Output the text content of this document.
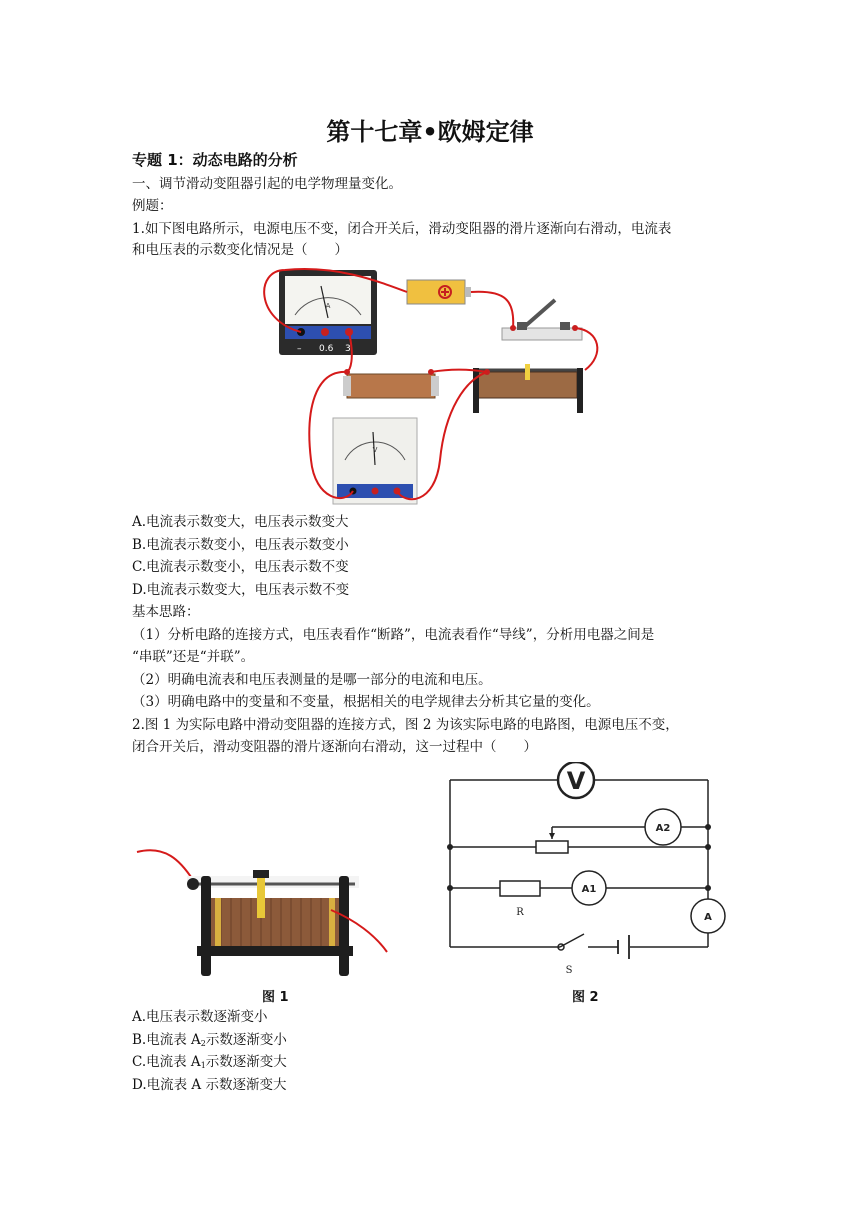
第十七章•欧姆定律
专题 1：动态电路的分析
一、调节滑动变阻器引起的电学物理量变化。
例题：
1.如下图电路所示，电源电压不变，闭合开关后，滑动变阻器的滑片逐渐向右滑动，电流表
和电压表的示数变化情况是（　　）
A
– 0.6 3
V
A.电流表示数变大，电压表示数变大
B.电流表示数变小，电压表示数变小
C.电流表示数变小，电压表示数不变
D.电流表示数变大，电压表示数不变
基本思路：
（1）分析电路的连接方式，电压表看作“断路”，电流表看作“导线”，分析用电器之间是
“串联”还是“并联”。
（2）明确电流表和电压表测量的是哪一部分的电流和电压。
（3）明确电路中的变量和不变量，根据相关的电学规律去分析其它量的变化。
2.图 1 为实际电路中滑动变阻器的连接方式，图 2 为该实际电路的电路图，电源电压不变，
闭合开关后，滑动变阻器的滑片逐渐向右滑动，这一过程中（　　）
V
A2
A1
A
R
S
图 1	图 2
A.电压表示数逐渐变小
B.电流表 $A_2$示数逐渐变小
C.电流表 $A_1$示数逐渐变大
D.电流表 A 示数逐渐变大
